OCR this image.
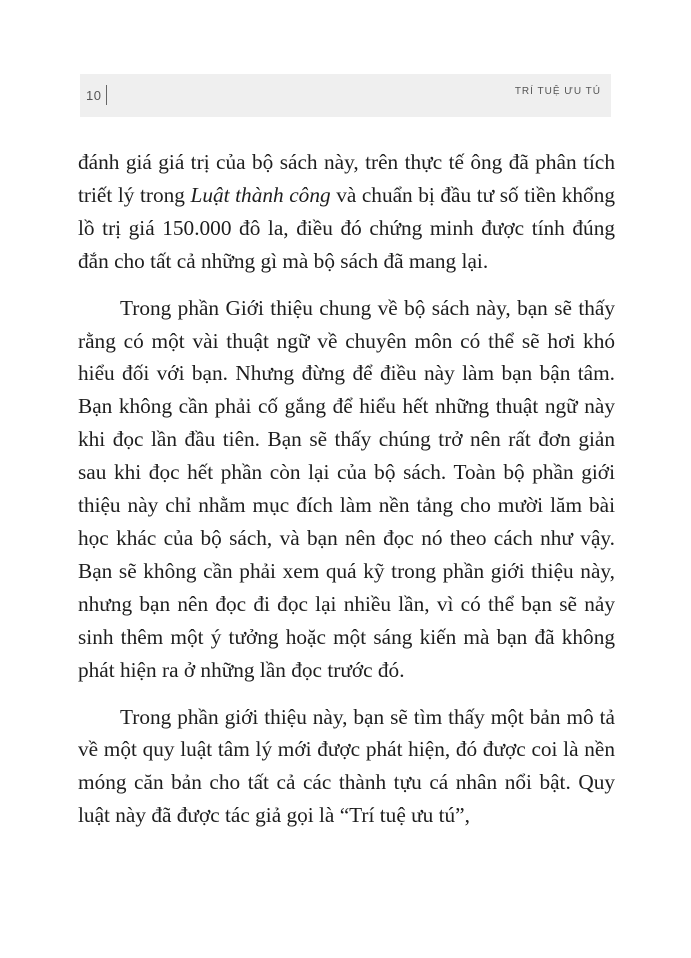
10	TRÍ TUỆ ƯU TÚ

đánh giá giá trị của bộ sách này, trên thực tế ông đã phân tích triết lý trong Luật thành công và chuẩn bị đầu tư số tiền khổng lồ trị giá 150.000 đô la, điều đó chứng minh được tính đúng đắn cho tất cả những gì mà bộ sách đã mang lại.

Trong phần Giới thiệu chung về bộ sách này, bạn sẽ thấy rằng có một vài thuật ngữ về chuyên môn có thể sẽ hơi khó hiểu đối với bạn. Nhưng đừng để điều này làm bạn bận tâm. Bạn không cần phải cố gắng để hiểu hết những thuật ngữ này khi đọc lần đầu tiên. Bạn sẽ thấy chúng trở nên rất đơn giản sau khi đọc hết phần còn lại của bộ sách. Toàn bộ phần giới thiệu này chỉ nhằm mục đích làm nền tảng cho mười lăm bài học khác của bộ sách, và bạn nên đọc nó theo cách như vậy. Bạn sẽ không cần phải xem quá kỹ trong phần giới thiệu này, nhưng bạn nên đọc đi đọc lại nhiều lần, vì có thể bạn sẽ nảy sinh thêm một ý tưởng hoặc một sáng kiến mà bạn đã không phát hiện ra ở những lần đọc trước đó.

Trong phần giới thiệu này, bạn sẽ tìm thấy một bản mô tả về một quy luật tâm lý mới được phát hiện, đó được coi là nền móng căn bản cho tất cả các thành tựu cá nhân nổi bật. Quy luật này đã được tác giả gọi là “Trí tuệ ưu tú”,
